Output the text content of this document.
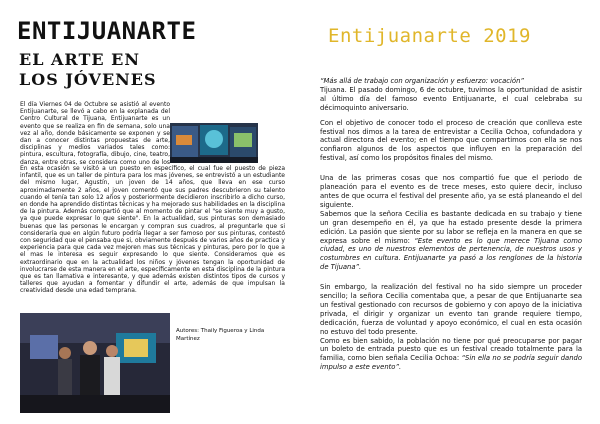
ENTIJUANARTE
EL ARTE EN
LOS JÓVENES

El día Viernes 04 de Octubre se asistió al evento Entijuanarte, se llevó a cabo en la explanada del Centro Cultural de Tijuana, Entijuanarte es un evento que se realiza en fin de semana, solo una vez al año, donde básicamente se exponen y se dan a conocer distintas propuestas de arte, disciplinas y medios variados tales como: pintura, escultura, fotografía, dibujo, cine, teatro, danza, entre otras, se considera como uno de los

En esta ocasión se visitó a un puesto en específico, el cual fue el puesto de pieza infantil, que es un taller de pintura para los mas jóvenes, se entrevistó a un estudiante del mismo lugar, Agustín, un joven de 14 años, que lleva en ese curso aproximadamente 2 años, el joven comentó que sus padres descubrieron su talento cuando el tenía tan solo 12 años y posteriormente decidieron inscribirlo a dicho curso, en donde ha aprendido distintas técnicas y ha mejorado sus habilidades en la disciplina de la pintura. Además compartió que al momento de pintar el "se siente muy a gusto, ya que puede expresar lo que siente". En la actualidad, sus pinturas son demasiado buenas que las personas le encargan y compran sus cuadros, al preguntarle que si consideraría que en algún futuro podría llegar a ser famoso por sus pinturas, contestó con seguridad que el pensaba que si, obviamente después de varios años de practica y experiencia para que cada vez mejoren mas sus técnicas y pinturas, pero por lo que a el mas le interesa es seguir expresando lo que siente. Consideramos que es extraordinario que en la actualidad los niños y jóvenes tengan la oportunidad de involucrarse de esta manera en el arte, específicamente en esta disciplina de la pintura que es tan llamativa e interesante, y que además existen distintos tipos de cursos y talleres que ayudan a fomentar y difundir el arte, además de que impulsan la creatividad desde una edad temprana.

Autores: Thaily Figueroa y Linda Martínez

Entijuanarte 2019

“Más allá de trabajo con organización y esfuerzo: vocación”

Tijuana. El pasado domingo, 6 de octubre, tuvimos la oportunidad de asistir al último día del famoso evento Entijuanarte, el cual celebraba su décimoquinto aniversario.

Con el objetivo de conocer todo el proceso de creación que conlleva este festival nos dimos a la tarea de entrevistar a Cecilia Ochoa, cofundadora y actual directora del evento; en el tiempo que compartimos con ella se nos confiaron algunos de los aspectos que influyen en la preparación del festival, así como los propósitos finales del mismo.

Una de las primeras cosas que nos compartió fue que el periodo de planeación para el evento es de trece meses, esto quiere decir, incluso antes de que ocurra el festival del presente año, ya se está planeando el del siguiente.

Sabemos que la señora Cecilia es bastante dedicada en su trabajo y tiene un gran desempeño en él, ya que ha estado presente desde la primera edición. La pasión que siente por su labor se refleja en la manera en que se expresa sobre el mismo: “Este evento es lo que merece Tijuana como ciudad, es uno de nuestros elementos de pertenencia, de nuestros usos y costumbres en cultura. Entijuanarte ya pasó a los renglones de la historia de Tijuana”.

Sin embargo, la realización del festival no ha sido siempre un proceder sencillo; la señora Cecilia comentaba que, a pesar de que Entijuanarte sea un festival gestionado con recursos de gobierno y con apoyo de la iniciativa privada, el dirigir y organizar un evento tan grande requiere tiempo, dedicación, fuerza de voluntad y apoyo económico, el cual en esta ocasión no estuvo del todo presente.

Como es bien sabido, la población no tiene por qué preocuparse por pagar un boleto de entrada puesto que es un festival creado totalmente para la familia, como bien señala Cecilia Ochoa: “Sin ella no se podría seguir dando impulso a este evento”.
